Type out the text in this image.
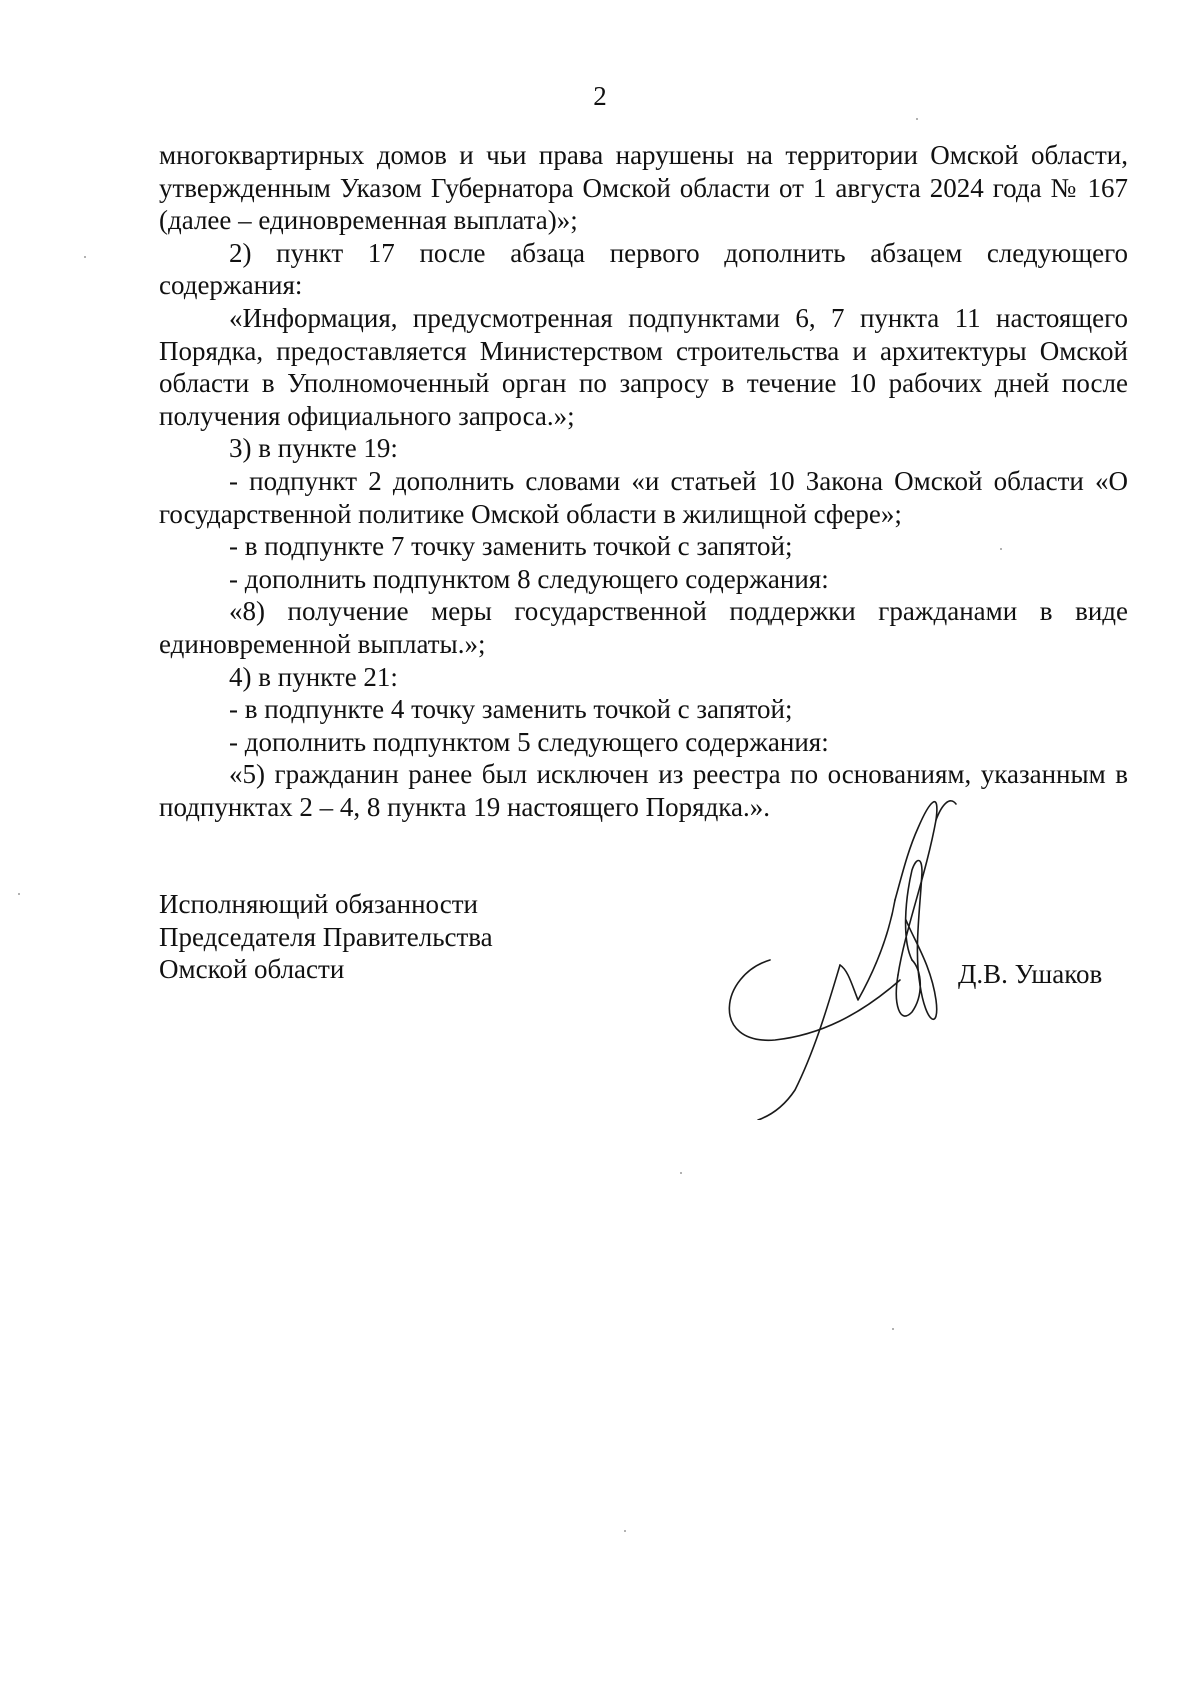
2

многоквартирных домов и чьи права нарушены на территории Омской области, утвержденным Указом Губернатора Омской области от 1 августа 2024 года № 167 (далее – единовременная выплата)»;

2) пункт 17 после абзаца первого дополнить абзацем следующего содержания:

«Информация, предусмотренная подпунктами 6, 7 пункта 11 настоящего Порядка, предоставляется Министерством строительства и архитектуры Омской области в Уполномоченный орган по запросу в течение 10 рабочих дней после получения официального запроса.»;

3) в пункте 19:

- подпункт 2 дополнить словами «и статьей 10 Закона Омской области «О государственной политике Омской области в жилищной сфере»;

- в подпункте 7 точку заменить точкой с запятой;

- дополнить подпунктом 8 следующего содержания:

«8) получение меры государственной поддержки гражданами в виде единовременной выплаты.»;

4) в пункте 21:

- в подпункте 4 точку заменить точкой с запятой;

- дополнить подпунктом 5 следующего содержания:

«5) гражданин ранее был исключен из реестра по основаниям, указанным в подпунктах 2 – 4, 8 пункта 19 настоящего Порядка.».

Исполняющий обязанности
Председателя Правительства
Омской области	Д.В. Ушаков
